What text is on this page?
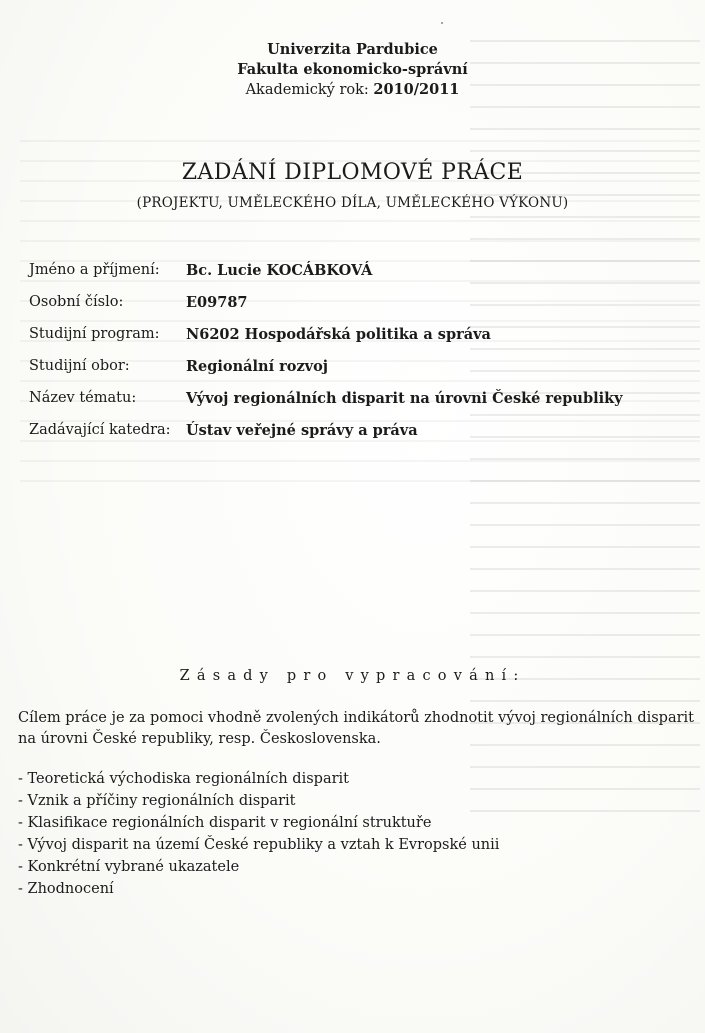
Univerzita Pardubice
Fakulta ekonomicko-správní
Akademický rok: 2010/2011
ZADÁNÍ DIPLOMOVÉ PRÁCE
(PROJEKTU, UMĚLECKÉHO DÍLA, UMĚLECKÉHO VÝKONU)
Jméno a příjmení:	Bc. Lucie KOCÁBKOVÁ
Osobní číslo:	E09787
Studijní program:	N6202 Hospodářská politika a správa
Studijní obor:	Regionální rozvoj
Název tématu:	Vývoj regionálních disparit na úrovni České republiky
Zadávající katedra:	Ústav veřejné správy a práva
Zásady pro vypracování:
Cílem práce je za pomoci vhodně zvolených indikátorů zhodnotit vývoj regionálních disparit na úrovni České republiky, resp. Československa.
- Teoretická východiska regionálních disparit
- Vznik a příčiny regionálních disparit
- Klasifikace regionálních disparit v regionální struktuře
- Vývoj disparit na území České republiky a vztah k Evropské unii
- Konkrétní vybrané ukazatele
- Zhodnocení
